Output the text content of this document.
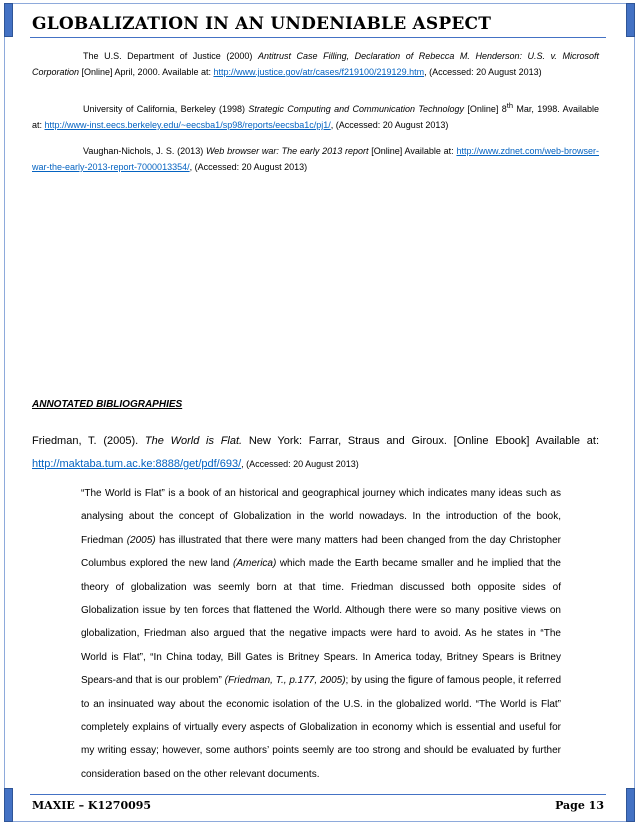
GLOBALIZATION IN AN UNDENIABLE ASPECT

The U.S. Department of Justice (2000) Antitrust Case Filling, Declaration of Rebecca M. Henderson: U.S. v. Microsoft Corporation [Online] April, 2000. Available at: http://www.justice.gov/atr/cases/f219100/219129.htm, (Accessed: 20 August 2013)

University of California, Berkeley (1998) Strategic Computing and Communication Technology [Online] 8th Mar, 1998. Available at: http://www-inst.eecs.berkeley.edu/~eecsba1/sp98/reports/eecsba1c/pj1/, (Accessed: 20 August 2013)

Vaughan-Nichols, J. S. (2013) Web browser war: The early 2013 report [Online] Available at: http://www.zdnet.com/web-browser-war-the-early-2013-report-7000013354/, (Accessed: 20 August 2013)

ANNOTATED BIBLIOGRAPHIES
Friedman, T. (2005). The World is Flat. New York: Farrar, Straus and Giroux. [Online Ebook] Available at: http://maktaba.tum.ac.ke:8888/get/pdf/693/, (Accessed: 20 August 2013)
“The World is Flat” is a book of an historical and geographical journey which indicates many ideas such as analysing about the concept of Globalization in the world nowadays. In the introduction of the book, Friedman (2005) has illustrated that there were many matters had been changed from the day Christopher Columbus explored the new land (America) which made the Earth became smaller and he implied that the theory of globalization was seemly born at that time. Friedman discussed both opposite sides of Globalization issue by ten forces that flattened the World. Although there were so many positive views on globalization, Friedman also argued that the negative impacts were hard to avoid. As he states in “The World is Flat”, “In China today, Bill Gates is Britney Spears. In America today, Britney Spears is Britney Spears-and that is our problem” (Friedman, T., p.177, 2005); by using the figure of famous people, it referred to an insinuated way about the economic isolation of the U.S. in the globalized world. “The World is Flat” completely explains of virtually every aspects of Globalization in economy which is essential and useful for my writing essay; however, some authors’ points seemly are too strong and should be evaluated by further consideration based on the other relevant documents.
MAXIE – K1270095	Page 13
